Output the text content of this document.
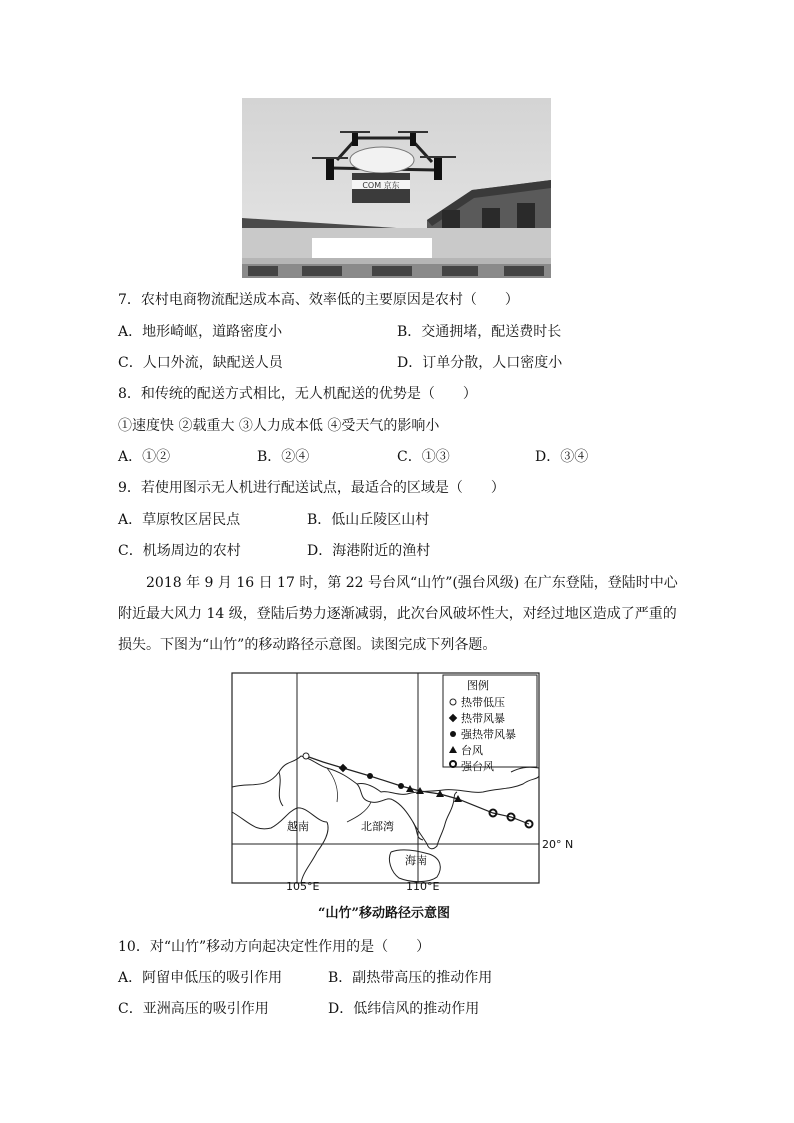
COM 京东
7．农村电商物流配送成本高、效率低的主要原因是农村（　　）
A．地形崎岖，道路密度小	B．交通拥堵，配送费时长
C．人口外流，缺配送人员	D．订单分散，人口密度小
8．和传统的配送方式相比，无人机配送的优势是（　　）
①速度快 ②载重大 ③人力成本低 ④受天气的影响小
A．①②	B．②④	C．①③	D．③④
9．若使用图示无人机进行配送试点，最适合的区域是（　　）
A．草原牧区居民点	B．低山丘陵区山村
C．机场周边的农村	D．海港附近的渔村
2018 年 9 月 16 日 17 时，第 22 号台风“山竹”(强台风级) 在广东登陆，登陆时中心
附近最大风力 14 级，登陆后势力逐渐减弱，此次台风破坏性大，对经过地区造成了严重的
损失。下图为“山竹”的移动路径示意图。读图完成下列各题。
图例
热带低压
热带风暴
强热带风暴
台风
越南	北部湾
海南
强台风
105°E	110°E
20° N
“山竹”移动路径示意图
10．对“山竹”移动方向起决定性作用的是（　　）
A．阿留申低压的吸引作用	B．副热带高压的推动作用
C．亚洲高压的吸引作用	D．低纬信风的推动作用
